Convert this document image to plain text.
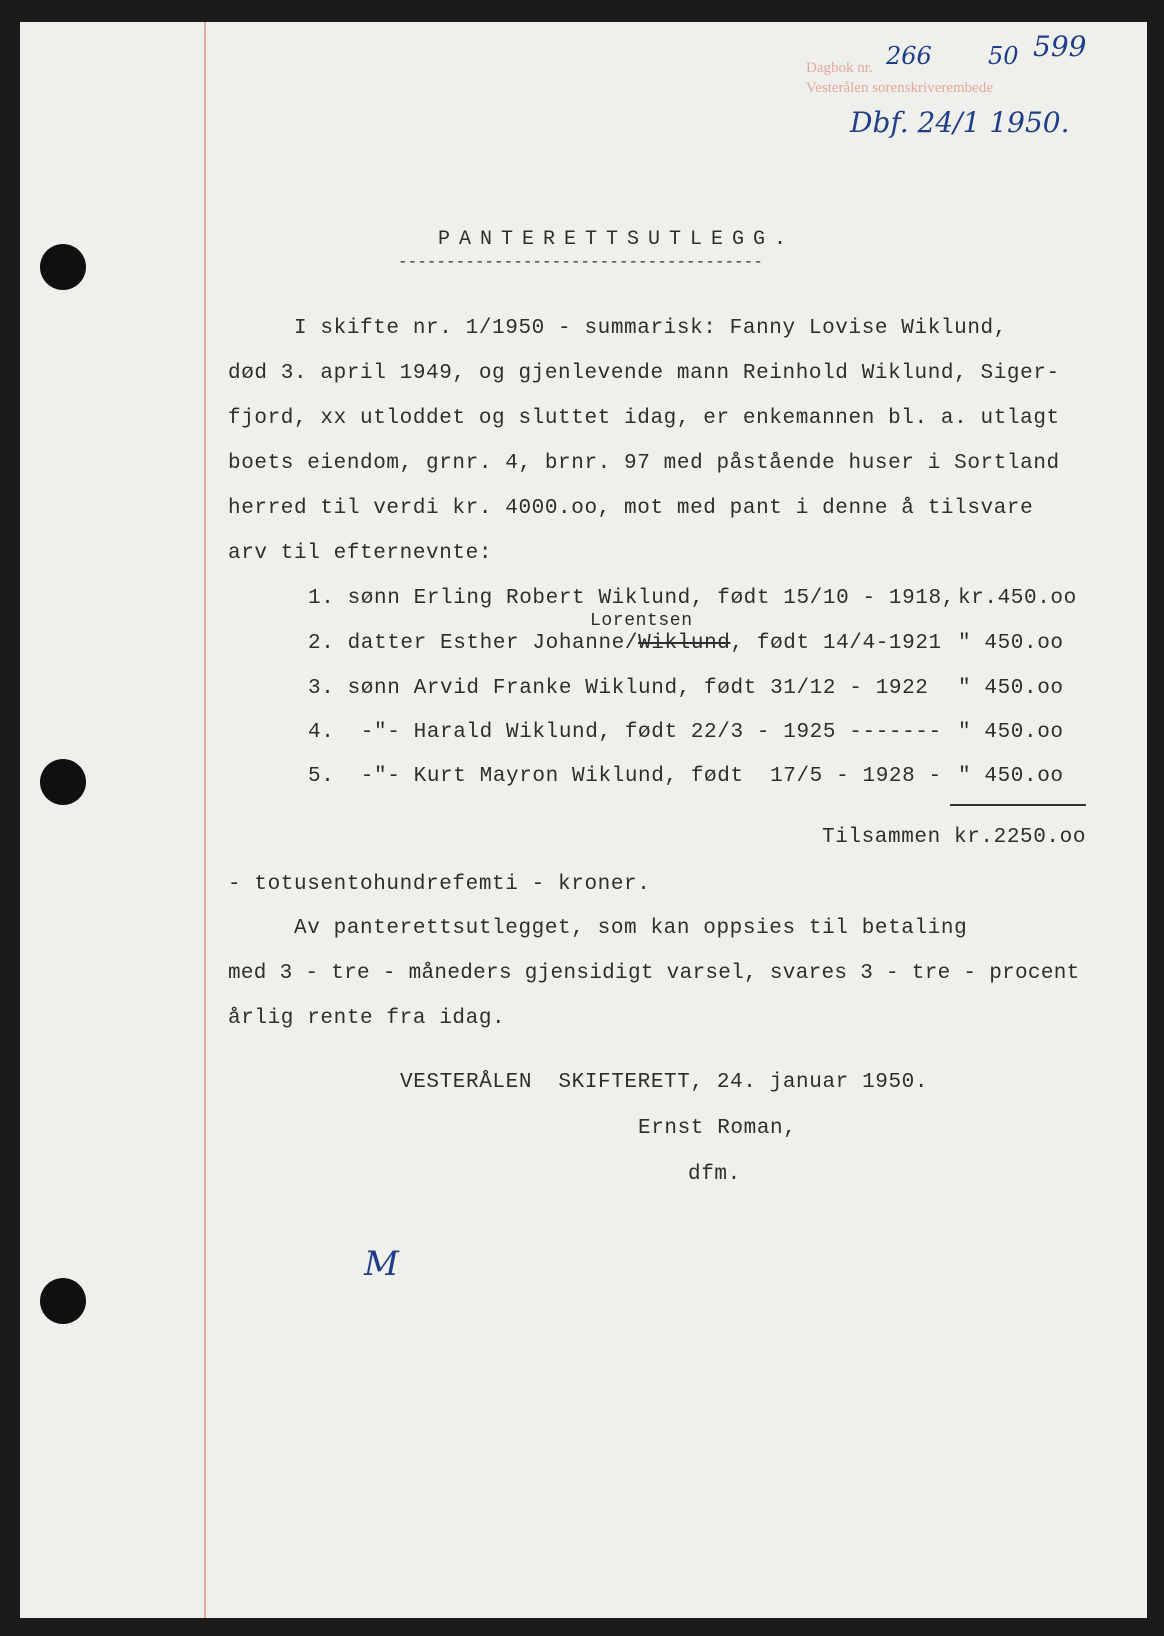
Dagbok nr.
Vesterålen sorenskriverembede
266 50 599
Dbf. 24/1 1950.
M
PANTERETTSUTLEGG.
--------------------------------------
I skifte nr. 1/1950 - summarisk: Fanny Lovise Wiklund,
død 3. april 1949, og gjenlevende mann Reinhold Wiklund, Siger-
fjord, xx utloddet og sluttet idag, er enkemannen bl. a. utlagt
boets eiendom, grnr. 4, brnr. 97 med påstående huser i Sortland
herred til verdi kr. 4000.oo, mot med pant i denne å tilsvare
arv til efternevnte:
1. sønn Erling Robert Wiklund, født 15/10 - 1918, kr.450.oo
Lorentsen
2. datter Esther Johanne/Wiklund, født 14/4-1921 " 450.oo
3. sønn Arvid Franke Wiklund, født 31/12 - 1922 " 450.oo
4.  -"- Harald Wiklund, født 22/3 - 1925 ------- " 450.oo
5.  -"- Kurt Mayron Wiklund, født  17/5 - 1928 - " 450.oo
Tilsammen kr.2250.oo
- totusentohundrefemti - kroner.
Av panterettsutlegget, som kan oppsies til betaling
med 3 - tre - måneders gjensidigt varsel, svares 3 - tre - procent
årlig rente fra idag.
VESTERÅLEN  SKIFTERETT, 24. januar 1950.
Ernst Roman,
dfm.
